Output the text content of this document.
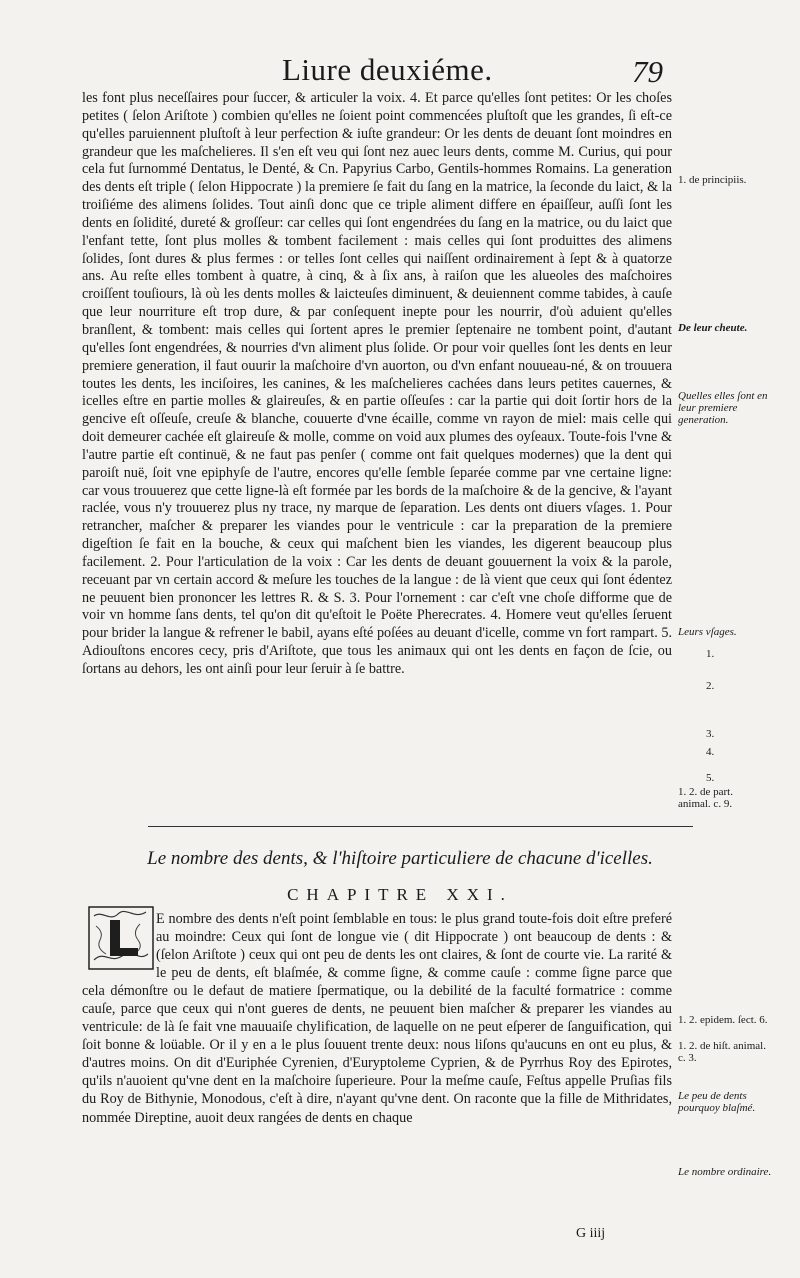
Liure deuxiéme.	79

les font plus neceſſaires pour ſuccer, & articuler la voix. 4. Et parce qu'elles ſont petites: Or les choſes petites ( ſelon Ariſtote ) combien qu'elles ne ſoient point commencées pluſtoſt que les grandes, ſi eſt-ce qu'elles paruiennent pluſtoſt à leur perfection & iuſte grandeur: Or les dents de deuant ſont moindres en grandeur que les maſchelieres. Il s'en eſt veu qui ſont nez auec leurs dents, comme M. Curius, qui pour cela fut ſurnommé Dentatus, le Denté, & Cn. Papyrius Carbo, Gentils-hommes Romains. La generation des dents eſt triple ( ſelon Hippocrate ) la premiere ſe fait du ſang en la matrice, la ſeconde du laict, & la troiſiéme des alimens ſolides. Tout ainſi donc que ce triple aliment differe en épaiſſeur, auſſi ſont les dents en ſolidité, dureté & groſſeur: car celles qui ſont engendrées du ſang en la matrice, ou du laict que l'enfant tette, ſont plus molles & tombent facilement : mais celles qui ſont produittes des alimens ſolides, ſont dures & plus fermes : or telles ſont celles qui naiſſent ordinairement à ſept & à quatorze ans. Au reſte elles tombent à quatre, à cinq, & à ſix ans, à raiſon que les alueoles des maſchoires croiſſent touſiours, là où les dents molles & laicteuſes diminuent, & deuiennent comme tabides, à cauſe que leur nourriture eſt trop dure, & par conſequent inepte pour les nourrir, d'où aduient qu'elles branſlent, & tombent: mais celles qui ſortent apres le premier ſeptenaire ne tombent point, d'autant qu'elles ſont engendrées, & nourries d'vn aliment plus ſolide. Or pour voir quelles ſont les dents en leur premiere generation, il faut ouurir la maſchoire d'vn auorton, ou d'vn enfant nouueau-né, & on trouuera toutes les dents, les inciſoires, les canines, & les maſchelieres cachées dans leurs petites cauernes, & icelles eſtre en partie molles & glaireuſes, & en partie oſſeuſes : car la partie qui doit ſortir hors de la gencive eſt oſſeuſe, creuſe & blanche, couuerte d'vne écaille, comme vn rayon de miel: mais celle qui doit demeurer cachée eſt glaireuſe & molle, comme on void aux plumes des oyſeaux. Toute-fois l'vne & l'autre partie eſt continuë, & ne faut pas penſer ( comme ont fait quelques modernes) que la dent qui paroiſt nuë, ſoit vne epiphyſe de l'autre, encores qu'elle ſemble ſeparée comme par vne certaine ligne: car vous trouuerez que cette ligne-là eſt formée par les bords de la maſchoire & de la gencive, & l'ayant raclée, vous n'y trouuerez plus ny trace, ny marque de ſeparation. Les dents ont diuers vſages. 1. Pour retrancher, maſcher & preparer les viandes pour le ventricule : car la preparation de la premiere digeſtion ſe fait en la bouche, & ceux qui maſchent bien les viandes, les digerent beaucoup plus facilement. 2. Pour l'articulation de la voix : Car les dents de deuant gouuernent la voix & la parole, receuant par vn certain accord & meſure les touches de la langue : de là vient que ceux qui ſont édentez ne peuuent bien prononcer les lettres R. & S. 3. Pour l'ornement : car c'eſt vne choſe difforme que de voir vn homme ſans dents, tel qu'on dit qu'eſtoit le Poëte Pherecrates. 4. Homere veut qu'elles ſeruent pour brider la langue & refrener le babil, ayans eſté poſées au deuant d'icelle, comme vn fort rampart. 5. Adiouſtons encores cecy, pris d'Ariſtote, que tous les animaux qui ont les dents en façon de ſcie, ou ſortans au dehors, les ont ainſi pour leur ſeruir à ſe battre.

1. de principiis.
De leur cheute.
Quelles elles ſont en leur premiere generation.
Leurs vſages.
1.
2.
3.
4.
5.
1. 2. de part. animal. c. 9.
Le nombre des dents, & l'hiſtoire particuliere de chacune d'icelles.
CHAPITRE XXI.

E nombre des dents n'eſt point ſemblable en tous: le plus grand toute-fois doit eſtre preferé au moindre: Ceux qui ſont de longue vie ( dit Hippocrate ) ont beaucoup de dents : & (ſelon Ariſtote ) ceux qui ont peu de dents les ont claires, & ſont de courte vie. La rarité & le peu de dents, eſt blaſmée, & comme ſigne, & comme cauſe : comme ſigne parce que cela démonſtre ou le defaut de matiere ſpermatique, ou la debilité de la faculté formatrice : comme cauſe, parce que ceux qui n'ont gueres de dents, ne peuuent bien maſcher & preparer les viandes au ventricule: de là ſe fait vne mauuaiſe chylification, de laquelle on ne peut eſperer de ſanguification, qui ſoit bonne & loüable. Or il y en a le plus ſouuent trente deux: nous liſons qu'aucuns en ont eu plus, & d'autres moins. On dit d'Euriphée Cyrenien, d'Euryptoleme Cyprien, & de Pyrrhus Roy des Epirotes, qu'ils n'auoient qu'vne dent en la maſchoire ſuperieure. Pour la meſme cauſe, Feſtus appelle Pruſias fils du Roy de Bithynie, Monodous, c'eſt à dire, n'ayant qu'vne dent. On raconte que la fille de Mithridates, nommée Direptine, auoit deux rangées de dents en chaque

1. 2. epidem. ſect. 6.
1. 2. de hiſt. animal. c. 3.
Le peu de dents pourquoy blaſmé.
Le nombre ordinaire.
G iiij
